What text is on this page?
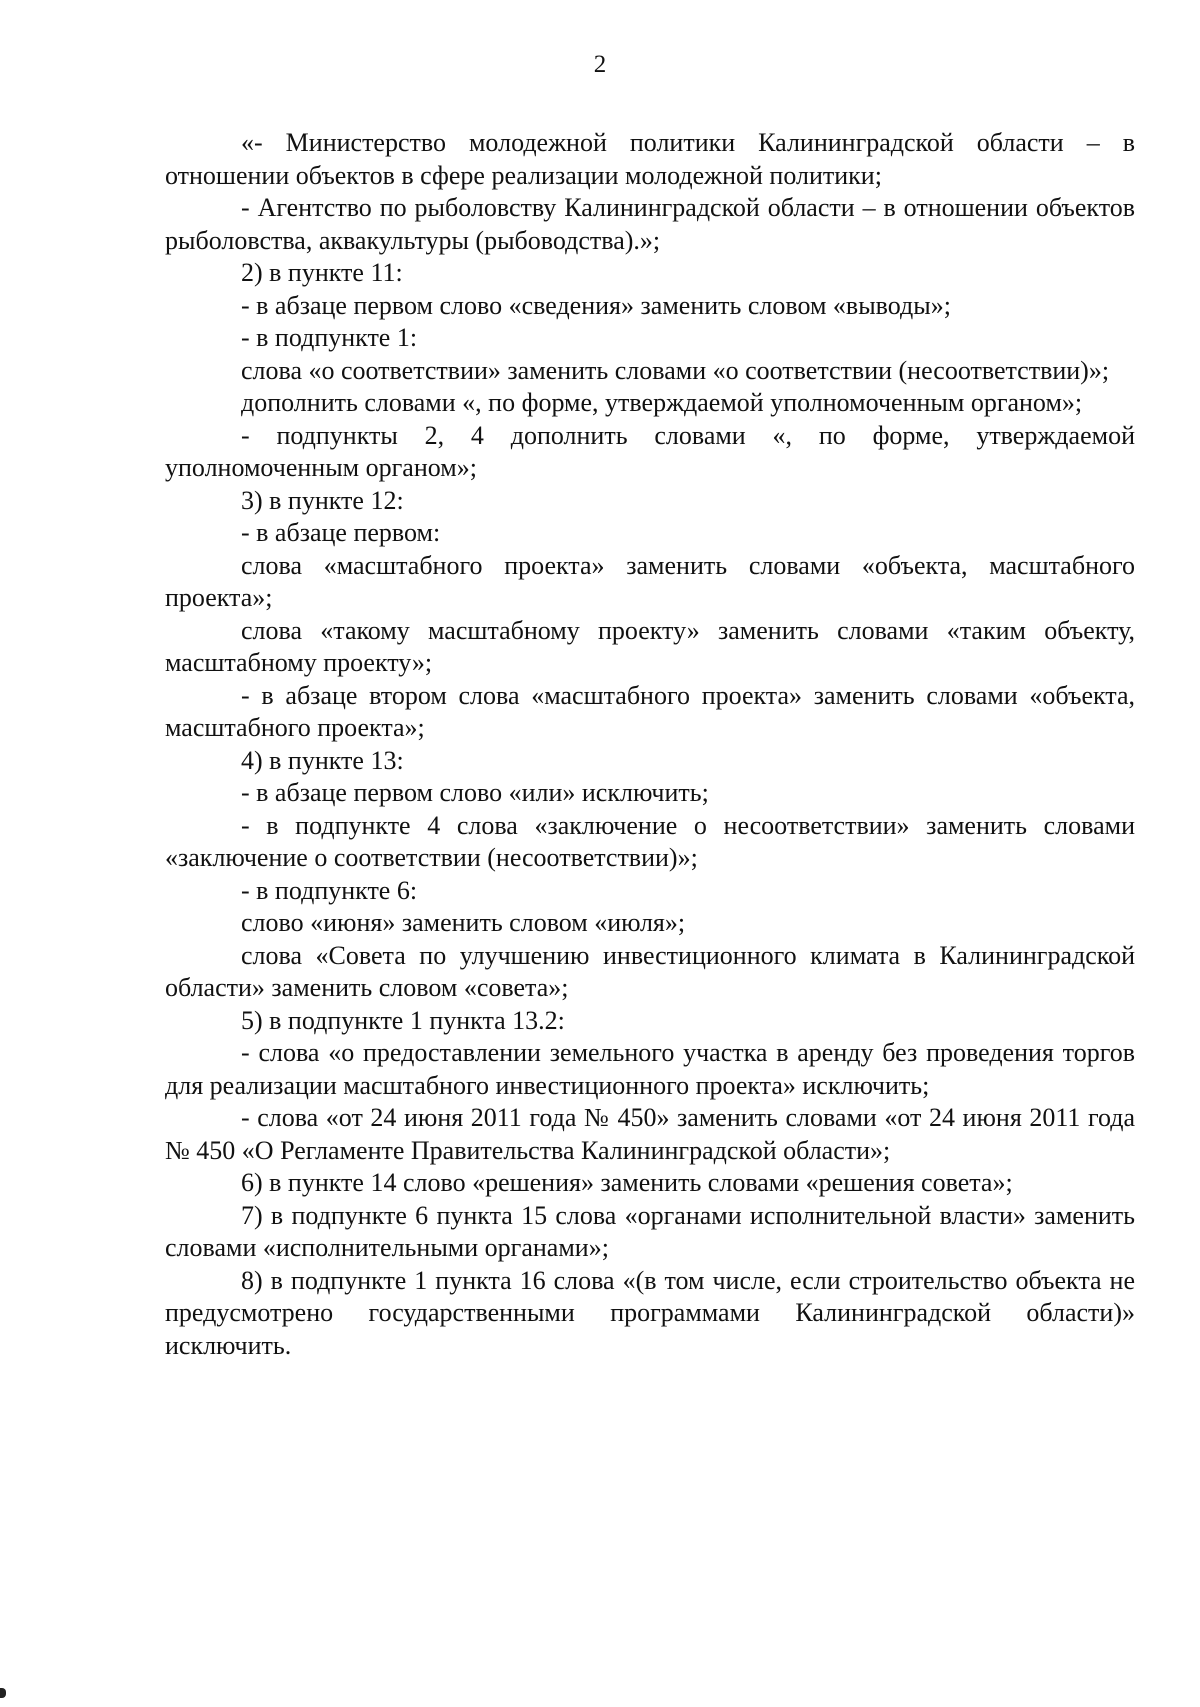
2

«- Министерство молодежной политики Калининградской области – в отношении объектов в сфере реализации молодежной политики;

- Агентство по рыболовству Калининградской области – в отношении объектов рыболовства, аквакультуры (рыбоводства).»;

2) в пункте 11:

- в абзаце первом слово «сведения» заменить словом «выводы»;

- в подпункте 1:

слова «о соответствии» заменить словами «о соответствии (несоответствии)»;

дополнить словами «, по форме, утверждаемой уполномоченным органом»;

- подпункты 2, 4 дополнить словами «, по форме, утверждаемой уполномоченным органом»;

3) в пункте 12:

- в абзаце первом:

слова «масштабного проекта» заменить словами «объекта, масштабного проекта»;

слова «такому масштабному проекту» заменить словами «таким объекту, масштабному проекту»;

- в абзаце втором слова «масштабного проекта» заменить словами «объекта, масштабного проекта»;

4) в пункте 13:

- в абзаце первом слово «или» исключить;

- в подпункте 4 слова «заключение о несоответствии» заменить словами «заключение о соответствии (несоответствии)»;

- в подпункте 6:

слово «июня» заменить словом «июля»;

слова «Совета по улучшению инвестиционного климата в Калининградской области» заменить словом «совета»;

5) в подпункте 1 пункта 13.2:

- слова «о предоставлении земельного участка в аренду без проведения торгов для реализации масштабного инвестиционного проекта» исключить;

- слова «от 24 июня 2011 года № 450» заменить словами «от 24 июня 2011 года № 450 «О Регламенте Правительства Калининградской области»;

6) в пункте 14 слово «решения» заменить словами «решения совета»;

7) в подпункте 6 пункта 15 слова «органами исполнительной власти» заменить словами «исполнительными органами»;

8) в подпункте 1 пункта 16 слова «(в том числе, если строительство объекта не предусмотрено государственными программами Калининградской области)» исключить.
